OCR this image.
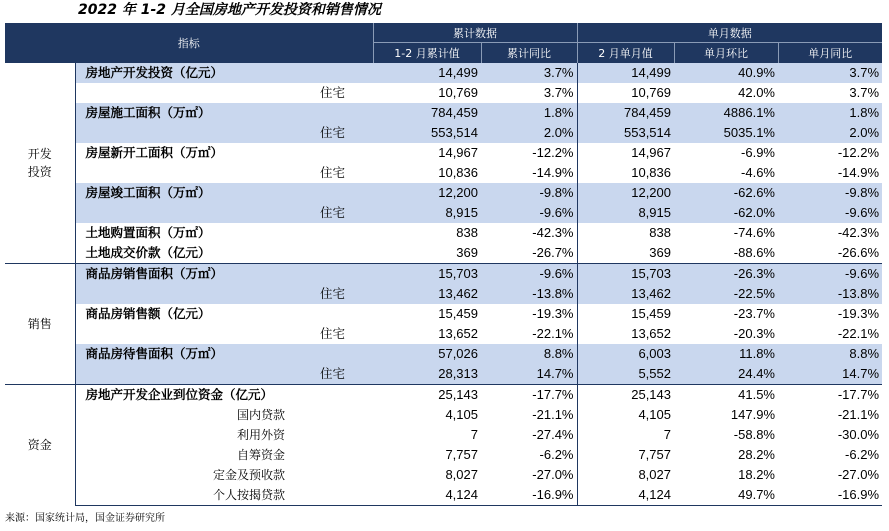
2022 年 1-2 月全国房地产开发投资和销售情况
指标		累计数据		单月数据		
		1-2 月累计值	累计同比	2 月单月值	单月环比	单月同比
开发
投资	房地产开发投资（亿元）	14,499	3.7%	14,499	40.9%	3.7%
	住宅	10,769	3.7%	10,769	42.0%	3.7%
	房屋施工面积（万㎡）	784,459	1.8%	784,459	4886.1%	1.8%
	住宅	553,514	2.0%	553,514	5035.1%	2.0%
	房屋新开工面积（万㎡）	14,967	-12.2%	14,967	-6.9%	-12.2%
	住宅	10,836	-14.9%	10,836	-4.6%	-14.9%
	房屋竣工面积（万㎡）	12,200	-9.8%	12,200	-62.6%	-9.8%
	住宅	8,915	-9.6%	8,915	-62.0%	-9.6%
	土地购置面积（万㎡）	838	-42.3%	838	-74.6%	-42.3%
	土地成交价款（亿元）	369	-26.7%	369	-88.6%	-26.6%
销售	商品房销售面积（万㎡）	15,703	-9.6%	15,703	-26.3%	-9.6%
	住宅	13,462	-13.8%	13,462	-22.5%	-13.8%
	商品房销售额（亿元）	15,459	-19.3%	15,459	-23.7%	-19.3%
	住宅	13,652	-22.1%	13,652	-20.3%	-22.1%
	商品房待售面积（万㎡）	57,026	8.8%	6,003	11.8%	8.8%
	住宅	28,313	14.7%	5,552	24.4%	14.7%
资金	房地产开发企业到位资金（亿元）	25,143	-17.7%	25,143	41.5%	-17.7%
	国内贷款	4,105	-21.1%	4,105	147.9%	-21.1%
	利用外资	7	-27.4%	7	-58.8%	-30.0%
	自筹资金	7,757	-6.2%	7,757	28.2%	-6.2%
	定金及预收款	8,027	-27.0%	8,027	18.2%	-27.0%
	个人按揭贷款	4,124	-16.9%	4,124	49.7%	-16.9%
来源：国家统计局，国金证券研究所
